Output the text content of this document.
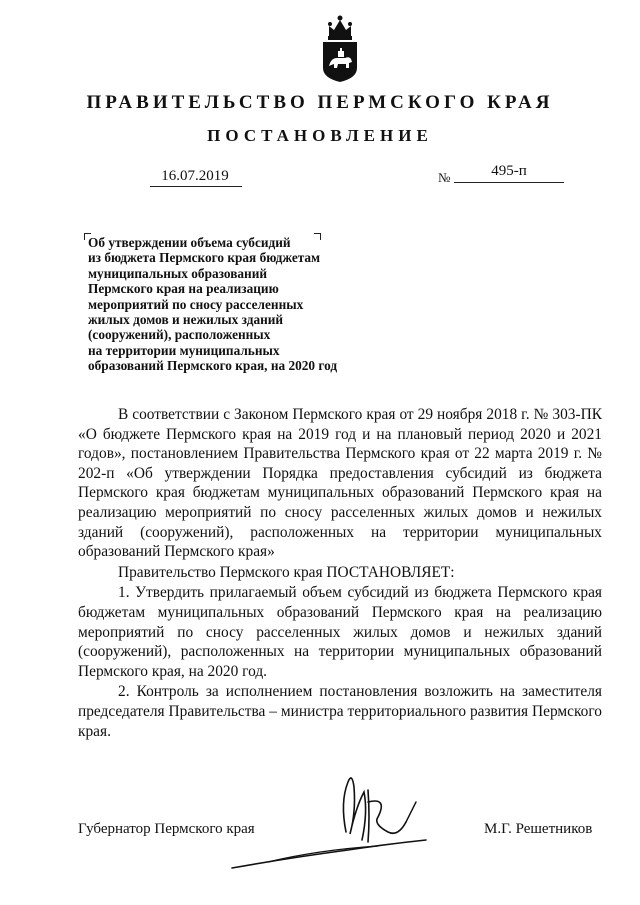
ПРАВИТЕЛЬСТВО ПЕРМСКОГО КРАЯ
ПОСТАНОВЛЕНИЕ
16.07.2019	№	495-п
Об утверждении объема субсидий
из бюджета Пермского края бюджетам
муниципальных образований
Пермского края на реализацию
мероприятий по сносу расселенных
жилых домов и нежилых зданий
(сооружений), расположенных
на территории муниципальных
образований Пермского края, на 2020 год

В соответствии с Законом Пермского края от 29 ноября 2018 г. № 303-ПК «О бюджете Пермского края на 2019 год и на плановый период 2020 и 2021 годов», постановлением Правительства Пермского края от 22 марта 2019 г. № 202-п «Об утверждении Порядка предоставления субсидий из бюджета Пермского края бюджетам муниципальных образований Пермского края на реализацию мероприятий по сносу расселенных жилых домов и нежилых зданий (сооружений), расположенных на территории муниципальных образований Пермского края»

Правительство Пермского края ПОСТАНОВЛЯЕТ:

1. Утвердить прилагаемый объем субсидий из бюджета Пермского края бюджетам муниципальных образований Пермского края на реализацию мероприятий по сносу расселенных жилых домов и нежилых зданий (сооружений), расположенных на территории муниципальных образований Пермского края, на 2020 год.

2. Контроль за исполнением постановления возложить на заместителя председателя Правительства – министра территориального развития Пермского края.

Губернатор Пермского края	М.Г. Решетников
